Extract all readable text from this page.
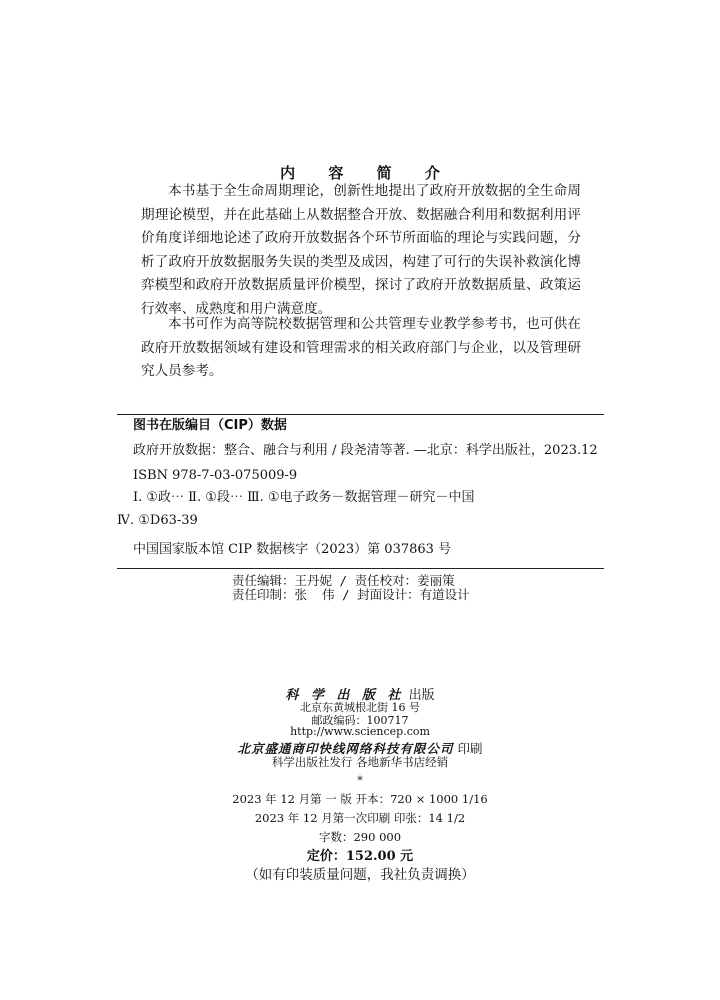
内 容 简 介
本书基于全生命周期理论，创新性地提出了政府开放数据的全生命周期理论模型，并在此基础上从数据整合开放、数据融合利用和数据利用评价角度详细地论述了政府开放数据各个环节所面临的理论与实践问题，分析了政府开放数据服务失误的类型及成因，构建了可行的失误补救演化博弈模型和政府开放数据质量评价模型，探讨了政府开放数据质量、政策运行效率、成熟度和用户满意度。
本书可作为高等院校数据管理和公共管理专业教学参考书，也可供在政府开放数据领域有建设和管理需求的相关政府部门与企业，以及管理研究人员参考。
图书在版编目（CIP）数据
政府开放数据：整合、融合与利用 / 段尧清等著. —北京：科学出版社，2023.12
ISBN 978-7-03-075009-9
Ⅰ. ①政⋯ Ⅱ. ①段⋯ Ⅲ. ①电子政务－数据管理－研究－中国
Ⅳ. ①D63-39
中国国家版本馆 CIP 数据核字（2023）第 037863 号
责任编辑：王丹妮 / 责任校对：姜丽策
责任印制：张  伟 / 封面设计：有道设计
科 学 出 版 社 出版
北京东黄城根北街 16 号
邮政编码：100717
http://www.sciencep.com
北京盛通商印快线网络科技有限公司 印刷
科学出版社发行 各地新华书店经销
*
2023 年 12 月第 一 版 开本：720 × 1000 1/16
2023 年 12 月第一次印刷 印张：14 1/2
字数：290 000
定价：152.00 元
（如有印装质量问题，我社负责调换）
